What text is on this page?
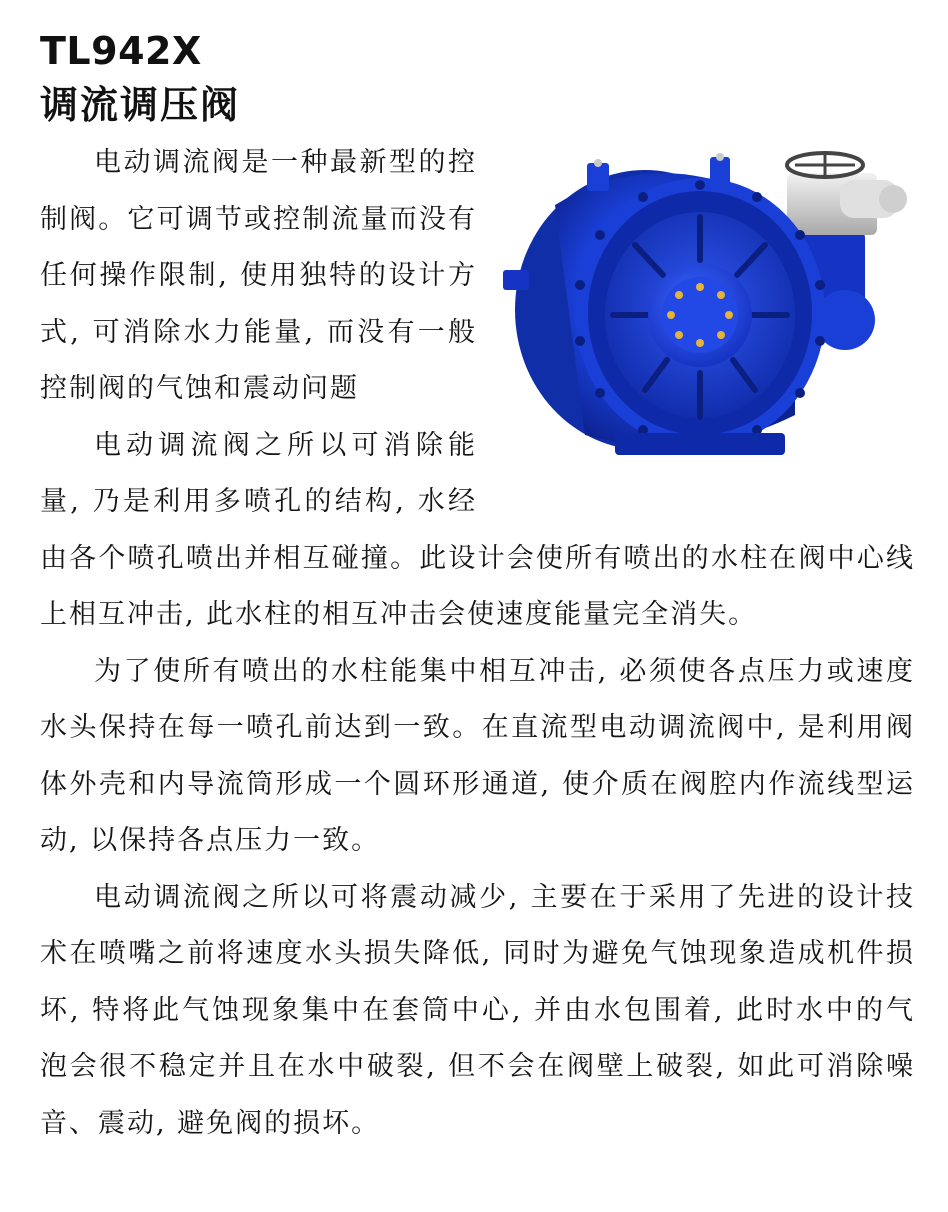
TL942X
调流调压阀

电动调流阀是一种最新型的控制阀。它可调节或控制流量而没有任何操作限制, 使用独特的设计方式, 可消除水力能量, 而没有一般控制阀的气蚀和震动问题

电动调流阀之所以可消除能量, 乃是利用多喷孔的结构, 水经由各个喷孔喷出并相互碰撞。此设计会使所有喷出的水柱在阀中心线上相互冲击, 此水柱的相互冲击会使速度能量完全消失。

为了使所有喷出的水柱能集中相互冲击, 必须使各点压力或速度水头保持在每一喷孔前达到一致。在直流型电动调流阀中, 是利用阀体外壳和内导流筒形成一个圆环形通道, 使介质在阀腔内作流线型运动, 以保持各点压力一致。

电动调流阀之所以可将震动减少, 主要在于采用了先进的设计技术在喷嘴之前将速度水头损失降低, 同时为避免气蚀现象造成机件损坏, 特将此气蚀现象集中在套筒中心, 并由水包围着, 此时水中的气泡会很不稳定并且在水中破裂, 但不会在阀壁上破裂, 如此可消除噪音、震动, 避免阀的损坏。
